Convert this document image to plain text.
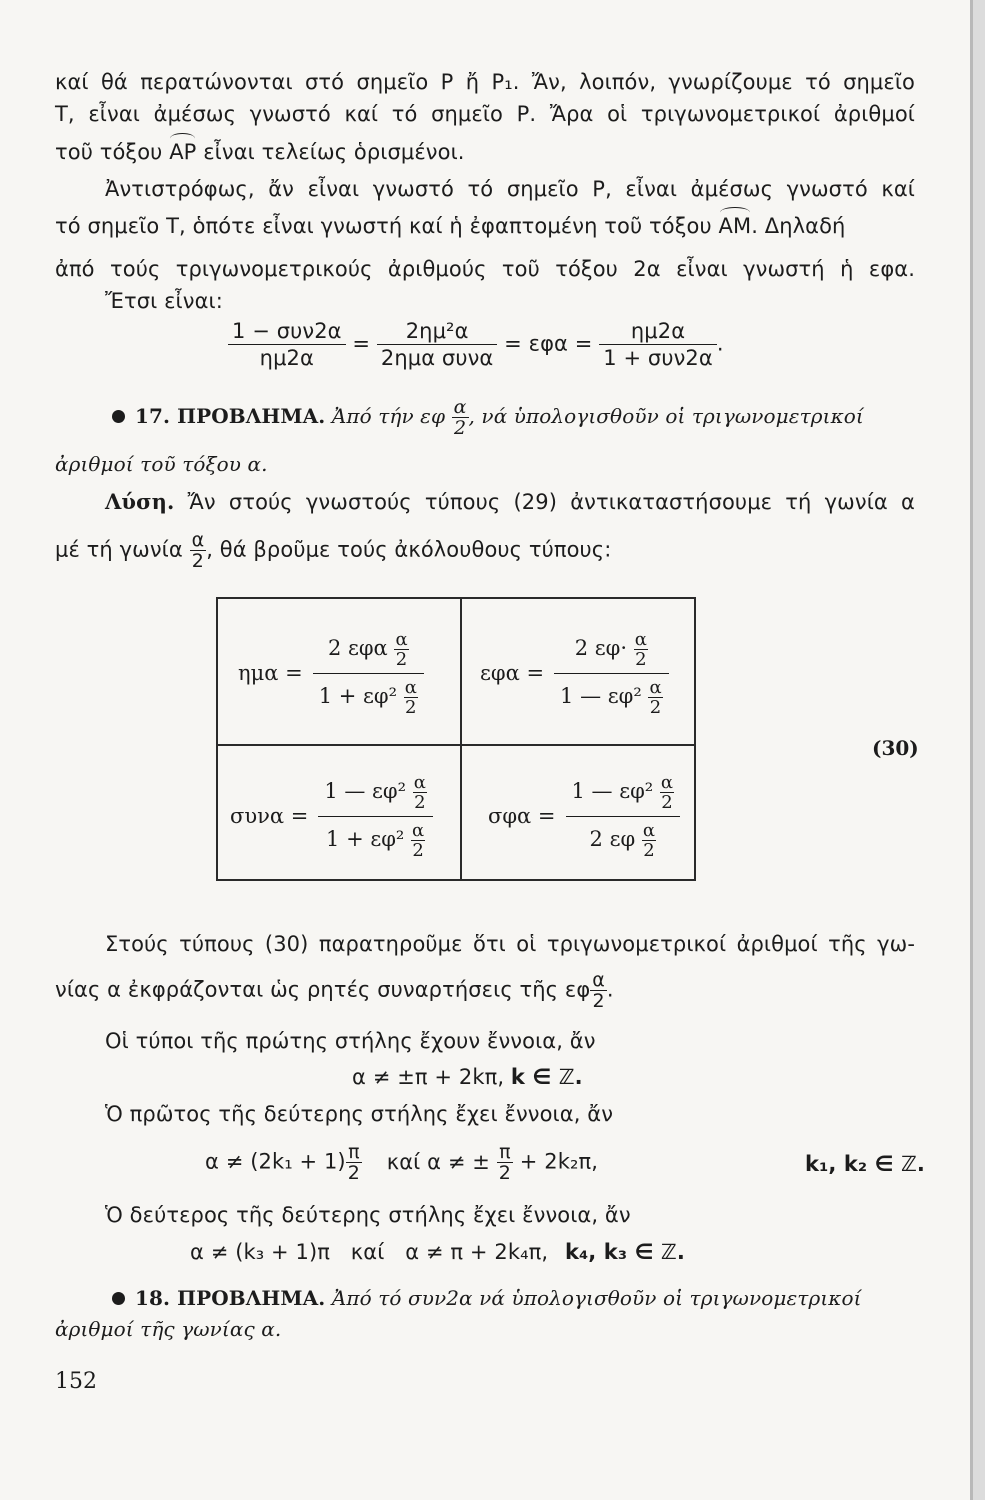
καί θά περατώνονται στό σημεῖο Ρ ἤ Ρ₁. Ἄν, λοιπόν, γνωρίζουμε τό σημεῖο
Τ, εἶναι ἀμέσως γνωστό καί τό σημεῖο Ρ. Ἄρα οἱ τριγωνομετρικοί ἀριθμοί
τοῦ τόξου ΑΡ εἶναι τελείως ὁρισμένοι.
Ἀντιστρόφως, ἄν εἶναι γνωστό τό σημεῖο Ρ, εἶναι ἀμέσως γνωστό καί
τό σημεῖο Τ, ὁπότε εἶναι γνωστή καί ἡ ἐφαπτομένη τοῦ τόξου ΑΜ. Δηλαδή
ἀπό τούς τριγωνομετρικούς ἀριθμούς τοῦ τόξου 2α εἶναι γνωστή ἡ εφα.
Ἔτσι εἶναι:
$\frac{\text{1 − συν2α}}{\eta\mu 2\alpha} = \frac{\text{2ημ²α}}{\text{2ημα συνα}} = \varepsilon\varphi\alpha = \frac{\eta\mu 2\alpha}{\text{1 + συν2α}}$ .
17. ΠΡΟΒΛΗΜΑ. Ἀπό τήν εφ $\frac{\alpha}{2}$ , νά ὑπολογισθοῦν οἱ τριγωνομετρικοί
ἀριθμοί τοῦ τόξου α.
Λύση. Ἄν στούς γνωστούς τύπους (29) ἀντικαταστήσουμε τή γωνία α
μέ τή γωνία $\frac{\alpha}{2}$ , θά βροῦμε τούς ἀκόλουθους τύπους:
ημα =
2 εφα $\frac{\alpha}{2}$
$1 + \varepsilon\varphi^2 \frac{\alpha}{2}$
$\varepsilon\varphi\alpha = \frac{2 \varepsilon\varphi\cdot \frac{\alpha}{2}}{1 — \varepsilon\varphi^2 \frac{\alpha}{2}}$
$\sigma\upsilon\nu\alpha = \frac{1 — \varepsilon\varphi^2 \frac{\alpha}{2}}{1 + \varepsilon\varphi^2 \frac{\alpha}{2}}$	$\sigma\varphi\alpha = \frac{1 — \varepsilon\varphi^2 \frac{\alpha}{2}}{2 \varepsilon\varphi \frac{\alpha}{2}}$
(30)
Στούς τύπους (30) παρατηροῦμε ὅτι οἱ τριγωνομετρικοί ἀριθμοί τῆς γω-
νίας α ἐκφράζονται ὡς ρητές συναρτήσεις τῆς εφ $\frac{\alpha}{2}$ .
Οἱ τύποι τῆς πρώτης στήλης ἔχουν ἔννοια, ἄν
α ≠ ±π + 2kπ, k ∈ ℤ.
Ὁ πρῶτος τῆς δεύτερης στήλης ἔχει ἔννοια, ἄν
$\alpha \ne (2k_1 + 1) \frac{\pi}{2}$ καί α ≠ ± $\frac{\pi}{2} + 2k_2\pi$,	k₁, k₂ ∈ ℤ.
Ὁ δεύτερος τῆς δεύτερης στήλης ἔχει ἔννοια, ἄν
α ≠ (k₃ + 1)π καί α ≠ π + 2k₄π, k₄, k₃ ∈ ℤ.
18. ΠΡΟΒΛΗΜΑ. Ἀπό τό συν2α νά ὑπολογισθοῦν οἱ τριγωνομετρικοί
ἀριθμοί τῆς γωνίας α.
152
